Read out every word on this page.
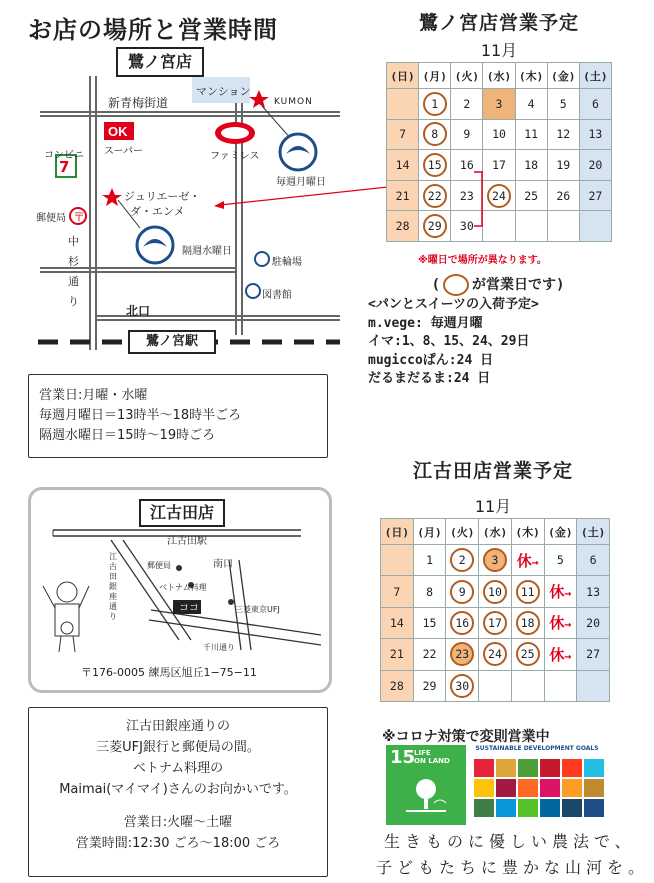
お店の場所と営業時間
OK
7
〒
鷺ノ宮店
新青梅街道
マンション
KUMON
コンビニ スーパー	ファミレス
毎週月曜日
ジュリエーゼ・
ダ・エンメ
隔週水曜日
郵便局
中杉通り
駐輪場
図書館
北口
鷺ノ宮駅
営業日:月曜・水曜
毎週月曜日＝13時半〜18時半ごろ
隔週水曜日＝15時〜19時ごろ
ココ
江古田店
江古田駅
南口
江古田銀座通り
郵便局
ベトナム料理
三菱東京UFJ
千川通り
〒176-0005 練馬区旭丘1−75−11
江古田銀座通りの
三菱UFJ銀行と郵便局の間。
ベトナム料理の
Maimai(マイマイ)さんのお向かいです。
営業日:火曜〜土曜
営業時間:12:30 ごろ〜18:00 ごろ
鷺ノ宮店営業予定
11月
(日)	(月)	(火)	(水)	(木)	(金)	(土)
	1	2	3	4	5	6
7	8	9	10	11	12	13
14	15	16	17	18	19	20
21	22	23	24	25	26	27
28	29	30				
※曜日で場所が異なります。
( が営業日です)
<パンとスイーツの入荷予定>
m.vege: 毎週月曜
イマ:1、8、15、24、29日
mugiccoぱん:24 日
だるまだるま:24 日
江古田店営業予定
11月
(日)	(月)	(火)	(水)	(木)	(金)	(土)
	1	2	3	休→	5	6
7	8	9	10	11	休→	13
14	15	16	17	18	休→	20
21	22	23	24	25	休→	27
28	29	30				
※コロナ対策で変則営業中
15
LIFE
ON LAND
SUSTAINABLE DEVELOPMENT GOALS
生きものに優しい農法で、
子どもたちに豊かな山河を。
